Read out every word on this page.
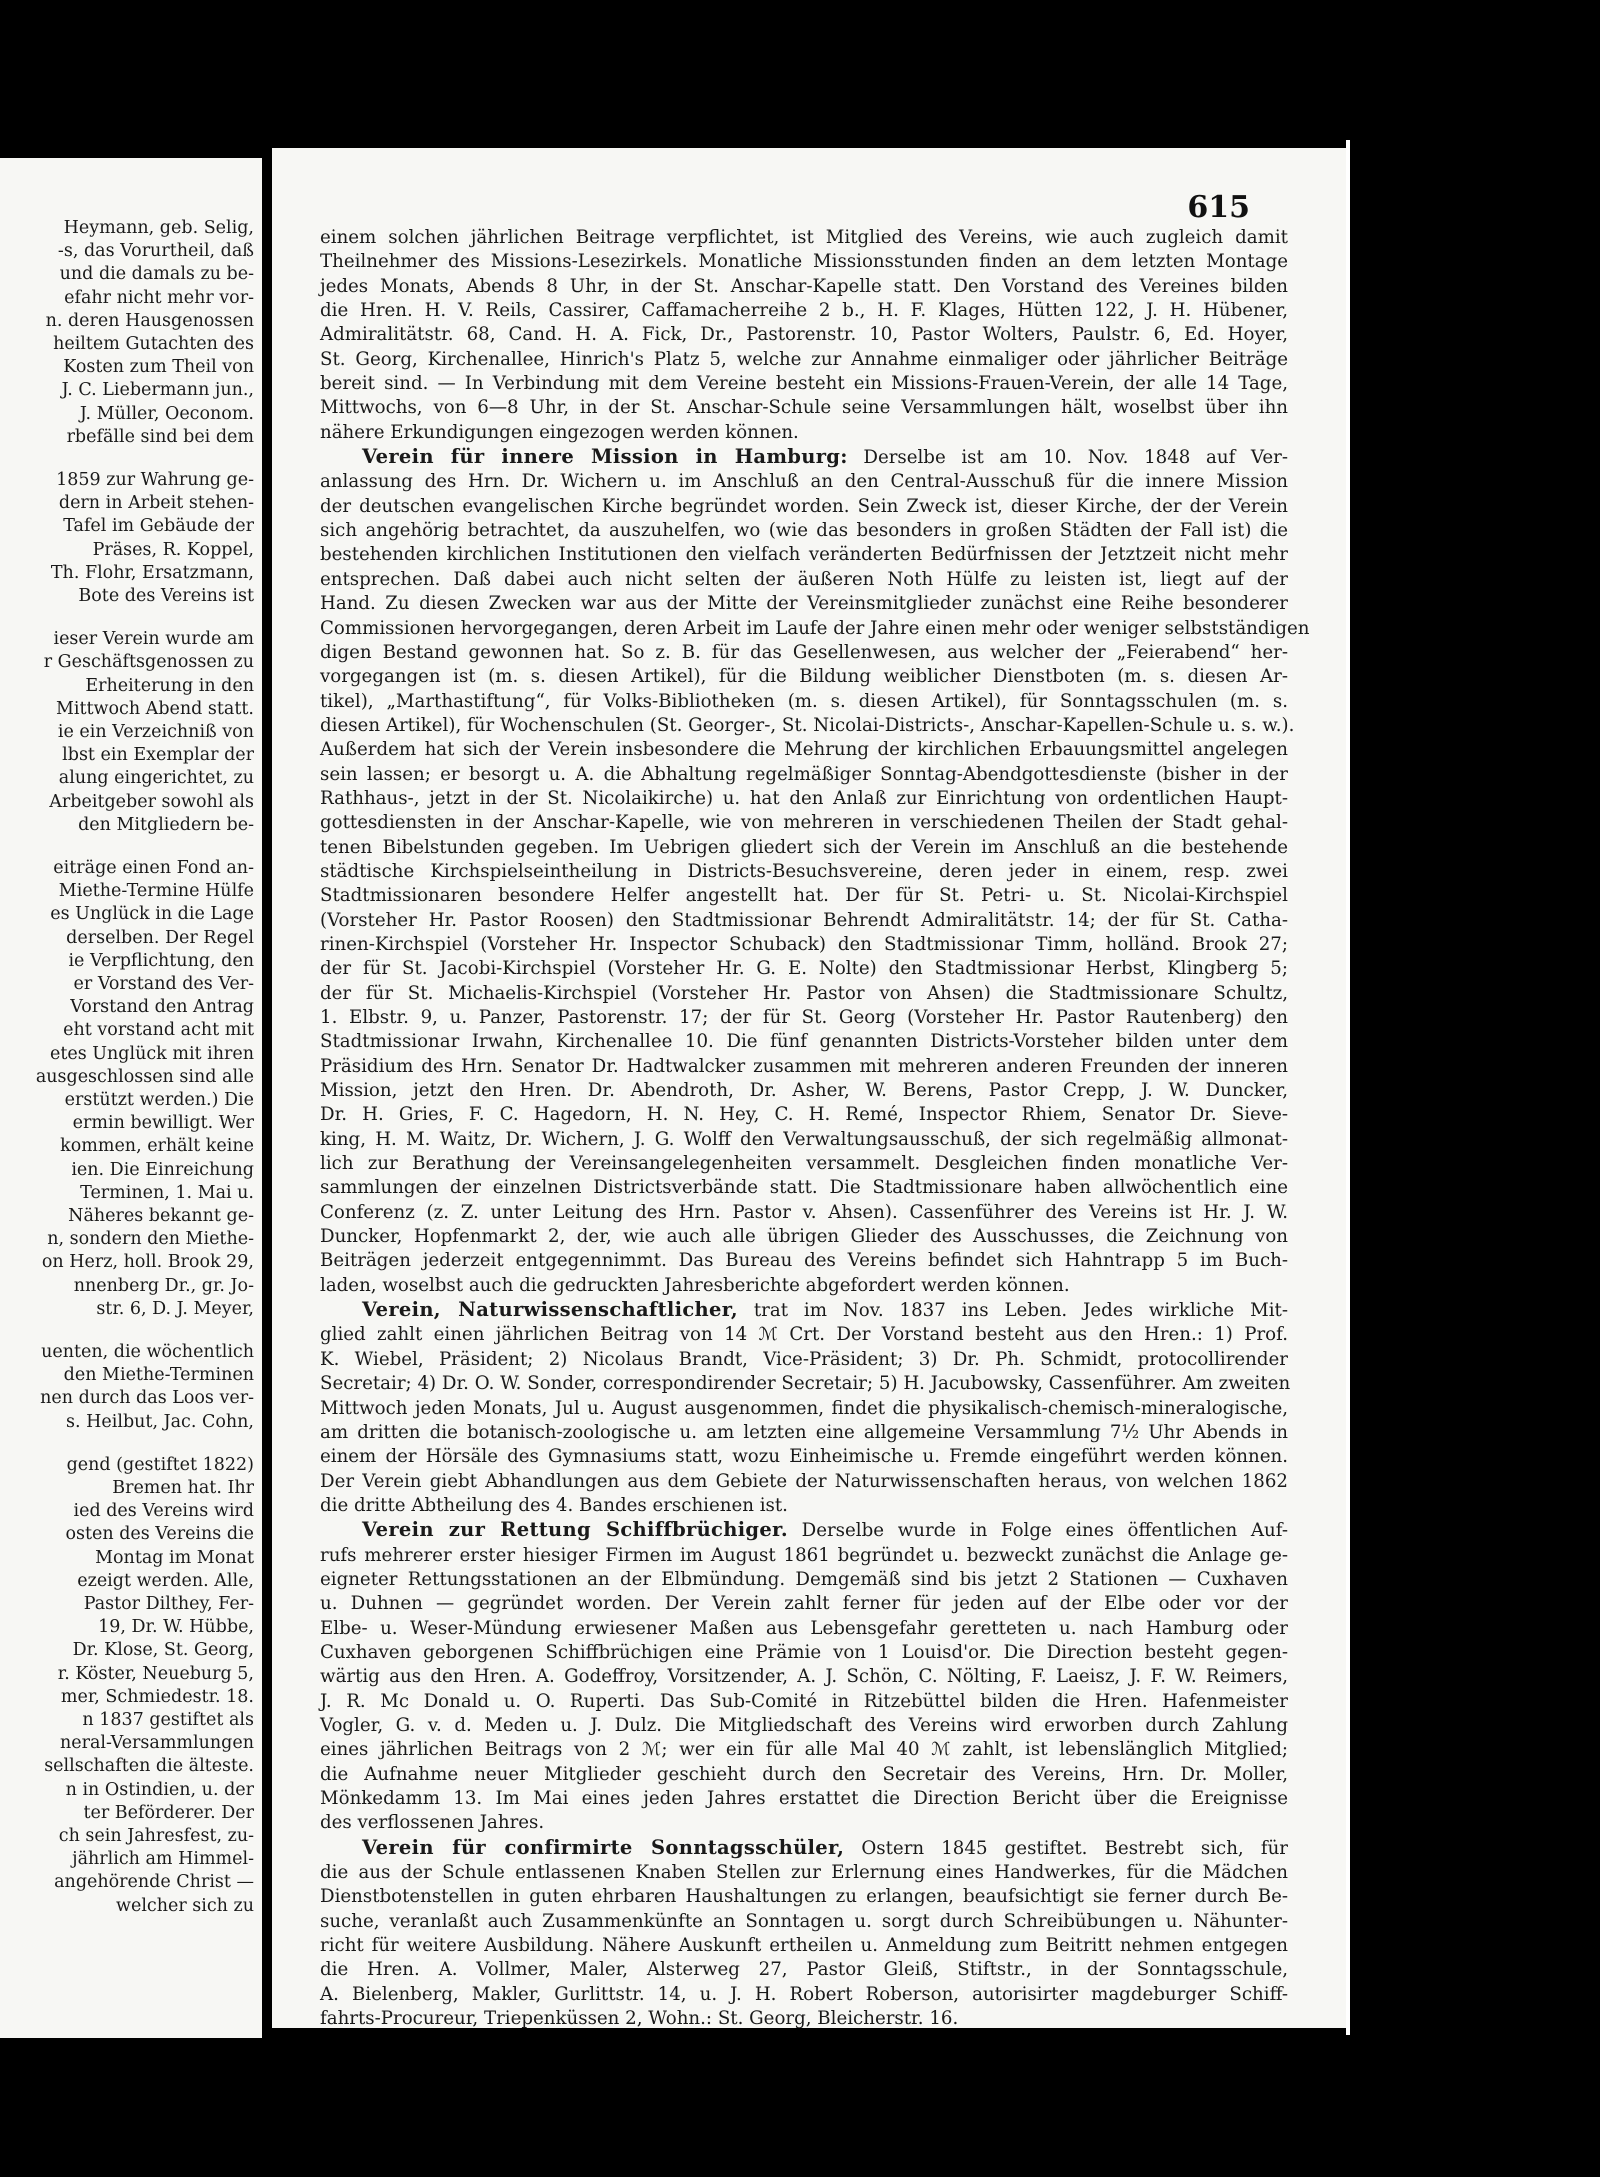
Heymann, geb. Selig,
-s, das Vorurtheil, daß
und die damals zu be-
efahr nicht mehr vor-
n. deren Hausgenossen
heiltem Gutachten des
Kosten zum Theil von
J. C. Liebermann jun.,
J. Müller, Oeconom.
rbefälle sind bei dem
1859 zur Wahrung ge-
dern in Arbeit stehen-
Tafel im Gebäude der
Präses, R. Koppel,
Th. Flohr, Ersatzmann,
Bote des Vereins ist
ieser Verein wurde am
r Geschäftsgenossen zu
Erheiterung in den
Mittwoch Abend statt.
ie ein Verzeichniß von
lbst ein Exemplar der
alung eingerichtet, zu
Arbeitgeber sowohl als
den Mitgliedern be-
eiträge einen Fond an-
Miethe-Termine Hülfe
es Unglück in die Lage
derselben. Der Regel
ie Verpflichtung, den
er Vorstand des Ver-
Vorstand den Antrag
eht vorstand acht mit
etes Unglück mit ihren
ausgeschlossen sind alle
erstützt werden.) Die
ermin bewilligt. Wer
kommen, erhält keine
ien. Die Einreichung
Terminen, 1. Mai u.
Näheres bekannt ge-
n, sondern den Miethe-
on Herz, holl. Brook 29,
nnenberg Dr., gr. Jo-
str. 6, D. J. Meyer,
uenten, die wöchentlich
den Miethe-Terminen
nen durch das Loos ver-
s. Heilbut, Jac. Cohn,
gend (gestiftet 1822)
Bremen hat. Ihr
ied des Vereins wird
osten des Vereins die
Montag im Monat
ezeigt werden. Alle,
Pastor Dilthey, Fer-
19, Dr. W. Hübbe,
Dr. Klose, St. Georg,
r. Köster, Neueburg 5,
mer, Schmiedestr. 18.
n 1837 gestiftet als
neral-Versammlungen
sellschaften die älteste.
n in Ostindien, u. der
ter Beförderer. Der
ch sein Jahresfest, zu-
jährlich am Himmel-
angehörende Christ —
welcher sich zu
615
einem solchen jährlichen Beitrage verpflichtet, ist Mitglied des Vereins, wie auch zugleich damit
Theilnehmer des Missions-Lesezirkels. Monatliche Missionsstunden finden an dem letzten Montage
jedes Monats, Abends 8 Uhr, in der St. Anschar-Kapelle statt. Den Vorstand des Vereines bilden
die Hren. H. V. Reils, Cassirer, Caffamacherreihe 2 b., H. F. Klages, Hütten 122, J. H. Hübener,
Admiralitätstr. 68, Cand. H. A. Fick, Dr., Pastorenstr. 10, Pastor Wolters, Paulstr. 6, Ed. Hoyer,
St. Georg, Kirchenallee, Hinrich's Platz 5, welche zur Annahme einmaliger oder jährlicher Beiträge
bereit sind. — In Verbindung mit dem Vereine besteht ein Missions-Frauen-Verein, der alle 14 Tage,
Mittwochs, von 6—8 Uhr, in der St. Anschar-Schule seine Versammlungen hält, woselbst über ihn
nähere Erkundigungen eingezogen werden können.
Verein für innere Mission in Hamburg: Derselbe ist am 10. Nov. 1848 auf Ver-
anlassung des Hrn. Dr. Wichern u. im Anschluß an den Central-Ausschuß für die innere Mission
der deutschen evangelischen Kirche begründet worden. Sein Zweck ist, dieser Kirche, der der Verein
sich angehörig betrachtet, da auszuhelfen, wo (wie das besonders in großen Städten der Fall ist) die
bestehenden kirchlichen Institutionen den vielfach veränderten Bedürfnissen der Jetztzeit nicht mehr
entsprechen. Daß dabei auch nicht selten der äußeren Noth Hülfe zu leisten ist, liegt auf der
Hand. Zu diesen Zwecken war aus der Mitte der Vereinsmitglieder zunächst eine Reihe besonderer
Commissionen hervorgegangen, deren Arbeit im Laufe der Jahre einen mehr oder weniger selbstständigen
digen Bestand gewonnen hat. So z. B. für das Gesellenwesen, aus welcher der „Feierabend“ her-
vorgegangen ist (m. s. diesen Artikel), für die Bildung weiblicher Dienstboten (m. s. diesen Ar-
tikel), „Marthastiftung“, für Volks-Bibliotheken (m. s. diesen Artikel), für Sonntagsschulen (m. s.
diesen Artikel), für Wochenschulen (St. Georger-, St. Nicolai-Districts-, Anschar-Kapellen-Schule u. s. w.).
Außerdem hat sich der Verein insbesondere die Mehrung der kirchlichen Erbauungsmittel angelegen
sein lassen; er besorgt u. A. die Abhaltung regelmäßiger Sonntag-Abendgottesdienste (bisher in der
Rathhaus-, jetzt in der St. Nicolaikirche) u. hat den Anlaß zur Einrichtung von ordentlichen Haupt-
gottesdiensten in der Anschar-Kapelle, wie von mehreren in verschiedenen Theilen der Stadt gehal-
tenen Bibelstunden gegeben. Im Uebrigen gliedert sich der Verein im Anschluß an die bestehende
städtische Kirchspielseintheilung in Districts-Besuchsvereine, deren jeder in einem, resp. zwei
Stadtmissionaren besondere Helfer angestellt hat. Der für St. Petri- u. St. Nicolai-Kirchspiel
(Vorsteher Hr. Pastor Roosen) den Stadtmissionar Behrendt Admiralitätstr. 14; der für St. Catha-
rinen-Kirchspiel (Vorsteher Hr. Inspector Schuback) den Stadtmissionar Timm, holländ. Brook 27;
der für St. Jacobi-Kirchspiel (Vorsteher Hr. G. E. Nolte) den Stadtmissionar Herbst, Klingberg 5;
der für St. Michaelis-Kirchspiel (Vorsteher Hr. Pastor von Ahsen) die Stadtmissionare Schultz,
1. Elbstr. 9, u. Panzer, Pastorenstr. 17; der für St. Georg (Vorsteher Hr. Pastor Rautenberg) den
Stadtmissionar Irwahn, Kirchenallee 10. Die fünf genannten Districts-Vorsteher bilden unter dem
Präsidium des Hrn. Senator Dr. Hadtwalcker zusammen mit mehreren anderen Freunden der inneren
Mission, jetzt den Hren. Dr. Abendroth, Dr. Asher, W. Berens, Pastor Crepp, J. W. Duncker,
Dr. H. Gries, F. C. Hagedorn, H. N. Hey, C. H. Remé, Inspector Rhiem, Senator Dr. Sieve-
king, H. M. Waitz, Dr. Wichern, J. G. Wolff den Verwaltungsausschuß, der sich regelmäßig allmonat-
lich zur Berathung der Vereinsangelegenheiten versammelt. Desgleichen finden monatliche Ver-
sammlungen der einzelnen Districtsverbände statt. Die Stadtmissionare haben allwöchentlich eine
Conferenz (z. Z. unter Leitung des Hrn. Pastor v. Ahsen). Cassenführer des Vereins ist Hr. J. W.
Duncker, Hopfenmarkt 2, der, wie auch alle übrigen Glieder des Ausschusses, die Zeichnung von
Beiträgen jederzeit entgegennimmt. Das Bureau des Vereins befindet sich Hahntrapp 5 im Buch-
laden, woselbst auch die gedruckten Jahresberichte abgefordert werden können.
Verein, Naturwissenschaftlicher, trat im Nov. 1837 ins Leben. Jedes wirkliche Mit-
glied zahlt einen jährlichen Beitrag von 14 ℳ Crt. Der Vorstand besteht aus den Hren.: 1) Prof.
K. Wiebel, Präsident; 2) Nicolaus Brandt, Vice-Präsident; 3) Dr. Ph. Schmidt, protocollirender
Secretair; 4) Dr. O. W. Sonder, correspondirender Secretair; 5) H. Jacubowsky, Cassenführer. Am zweiten
Mittwoch jeden Monats, Jul u. August ausgenommen, findet die physikalisch-chemisch-mineralogische,
am dritten die botanisch-zoologische u. am letzten eine allgemeine Versammlung 7½ Uhr Abends in
einem der Hörsäle des Gymnasiums statt, wozu Einheimische u. Fremde eingeführt werden können.
Der Verein giebt Abhandlungen aus dem Gebiete der Naturwissenschaften heraus, von welchen 1862
die dritte Abtheilung des 4. Bandes erschienen ist.
Verein zur Rettung Schiffbrüchiger. Derselbe wurde in Folge eines öffentlichen Auf-
rufs mehrerer erster hiesiger Firmen im August 1861 begründet u. bezweckt zunächst die Anlage ge-
eigneter Rettungsstationen an der Elbmündung. Demgemäß sind bis jetzt 2 Stationen — Cuxhaven
u. Duhnen — gegründet worden. Der Verein zahlt ferner für jeden auf der Elbe oder vor der
Elbe- u. Weser-Mündung erwiesener Maßen aus Lebensgefahr geretteten u. nach Hamburg oder
Cuxhaven geborgenen Schiffbrüchigen eine Prämie von 1 Louisd'or. Die Direction besteht gegen-
wärtig aus den Hren. A. Godeffroy, Vorsitzender, A. J. Schön, C. Nölting, F. Laeisz, J. F. W. Reimers,
J. R. Mc Donald u. O. Ruperti. Das Sub-Comité in Ritzebüttel bilden die Hren. Hafenmeister
Vogler, G. v. d. Meden u. J. Dulz. Die Mitgliedschaft des Vereins wird erworben durch Zahlung
eines jährlichen Beitrags von 2 ℳ; wer ein für alle Mal 40 ℳ zahlt, ist lebenslänglich Mitglied;
die Aufnahme neuer Mitglieder geschieht durch den Secretair des Vereins, Hrn. Dr. Moller,
Mönkedamm 13. Im Mai eines jeden Jahres erstattet die Direction Bericht über die Ereignisse
des verflossenen Jahres.
Verein für confirmirte Sonntagsschüler, Ostern 1845 gestiftet. Bestrebt sich, für
die aus der Schule entlassenen Knaben Stellen zur Erlernung eines Handwerkes, für die Mädchen
Dienstbotenstellen in guten ehrbaren Haushaltungen zu erlangen, beaufsichtigt sie ferner durch Be-
suche, veranlaßt auch Zusammenkünfte an Sonntagen u. sorgt durch Schreibübungen u. Nähunter-
richt für weitere Ausbildung. Nähere Auskunft ertheilen u. Anmeldung zum Beitritt nehmen entgegen
die Hren. A. Vollmer, Maler, Alsterweg 27, Pastor Gleiß, Stiftstr., in der Sonntagsschule,
A. Bielenberg, Makler, Gurlittstr. 14, u. J. H. Robert Roberson, autorisirter magdeburger Schiff-
fahrts-Procureur, Triepenküssen 2, Wohn.: St. Georg, Bleicherstr. 16.
